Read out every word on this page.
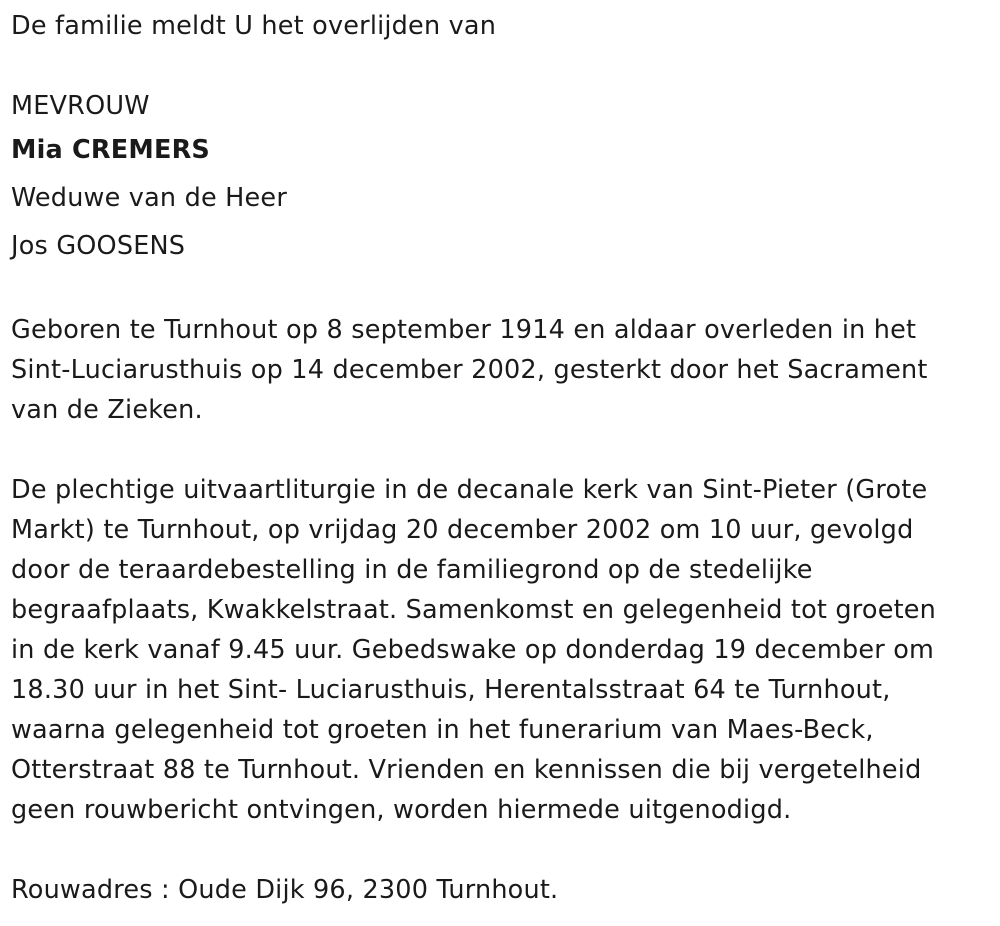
De familie meldt U het overlijden van
MEVROUW
Mia CREMERS
Weduwe van de Heer
Jos GOOSENS
Geboren te Turnhout op 8 september 1914 en aldaar overleden in het
Sint-Luciarusthuis op 14 december 2002, gesterkt door het Sacrament
van de Zieken.
De plechtige uitvaartliturgie in de decanale kerk van Sint-Pieter (Grote
Markt) te Turnhout, op vrijdag 20 december 2002 om 10 uur, gevolgd
door de teraardebestelling in de familiegrond op de stedelijke
begraafplaats, Kwakkelstraat. Samenkomst en gelegenheid tot groeten
in de kerk vanaf 9.45 uur. Gebedswake op donderdag 19 december om
18.30 uur in het Sint- Luciarusthuis, Herentalsstraat 64 te Turnhout,
waarna gelegenheid tot groeten in het funerarium van Maes-Beck,
Otterstraat 88 te Turnhout. Vrienden en kennissen die bij vergetelheid
geen rouwbericht ontvingen, worden hiermede uitgenodigd.
Rouwadres : Oude Dijk 96, 2300 Turnhout.
